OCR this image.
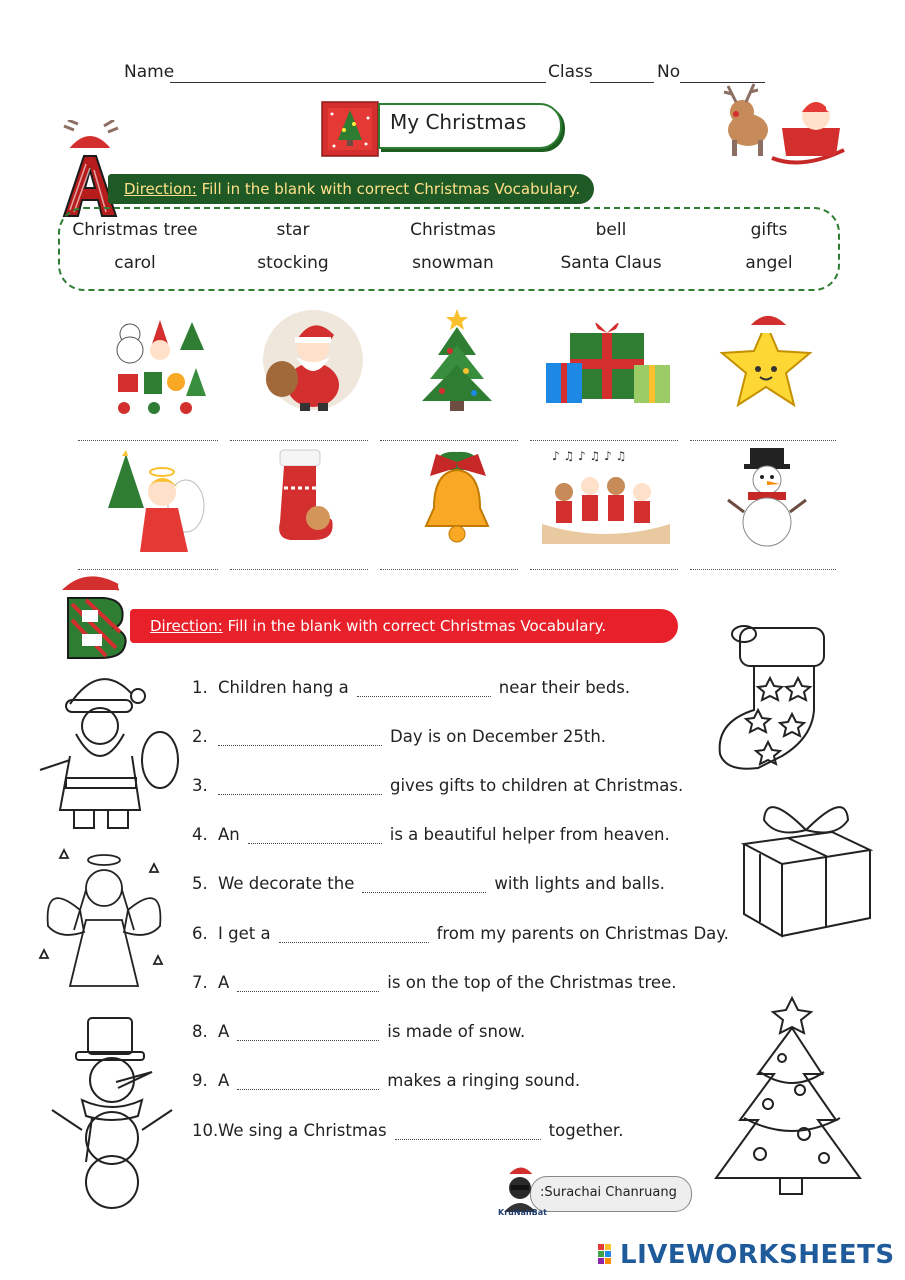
Name	Class	No
My Christmas
Direction: Fill in the blank with correct Christmas Vocabulary.
Christmas tree	star	Christmas	bell	gifts
carol	stocking	snowman	Santa Claus	angel
♪ ♫ ♪ ♫ ♪ ♫
Direction: Fill in the blank with correct Christmas Vocabulary.
1. Children hang a	near their beds.
2.	Day is on December 25th.
3.	gives gifts to children at Christmas.
4. An	is a beautiful helper from heaven.
5. We decorate the	with lights and balls.
6. I get a	from my parents on Christmas Day.
7. A	is on the top of the Christmas tree.
8. A	is made of snow.
9. A	makes a ringing sound.
10. We sing a Christmas	together.
KruNahBat
:Surachai Chanruang
LIVEWORKSHEETS
